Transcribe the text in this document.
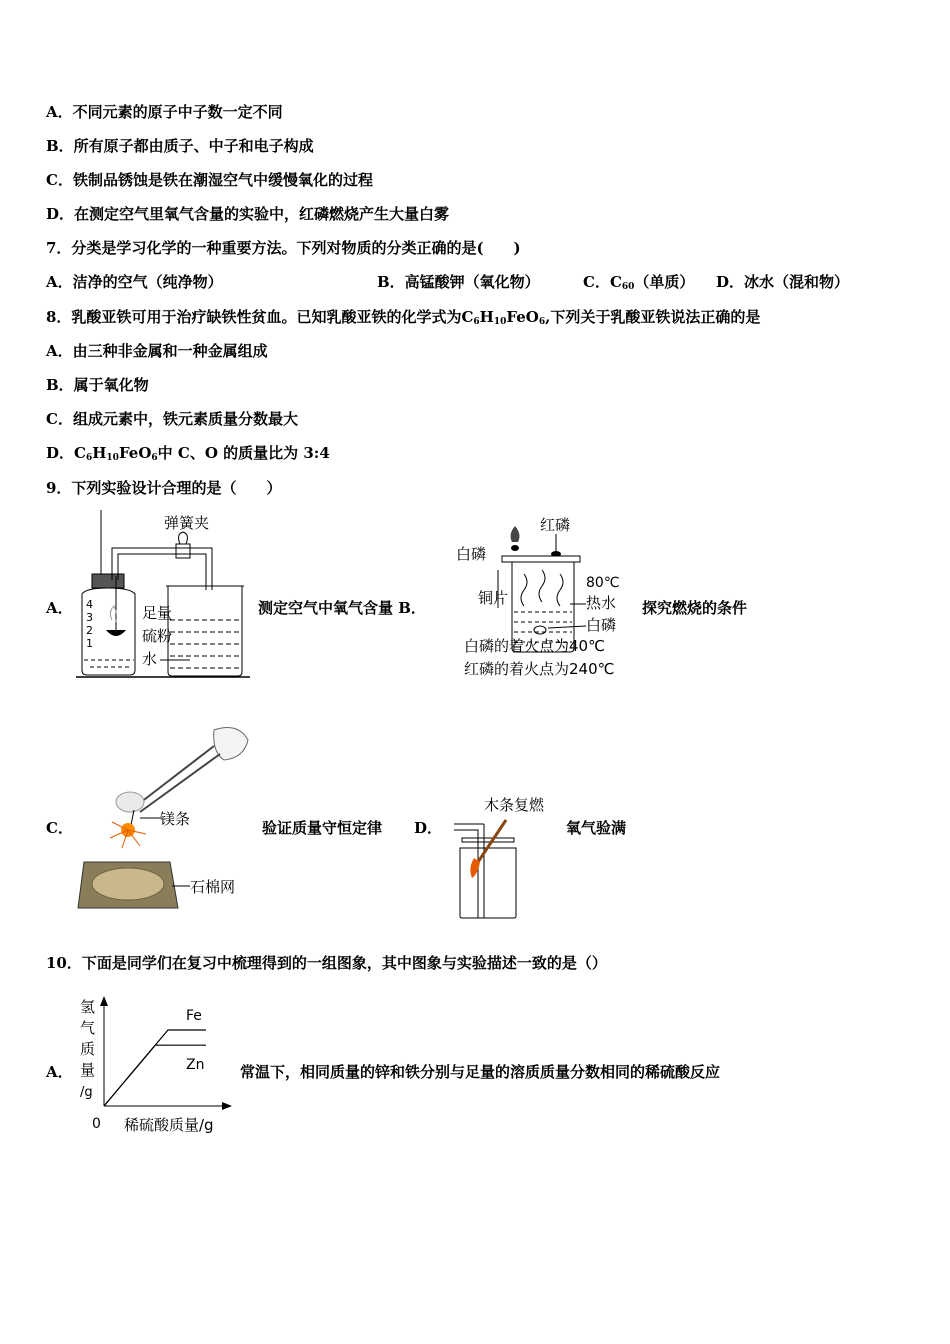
A．不同元素的原子中子数一定不同
B．所有原子都由质子、中子和电子构成
C．铁制品锈蚀是铁在潮湿空气中缓慢氧化的过程
D．在测定空气里氧气含量的实验中，红磷燃烧产生大量白雾
7．分类是学习化学的一种重要方法。下列对物质的分类正确的是(　　)
A．洁净的空气（纯净物）	B．高锰酸钾（氧化物）	C．$C_{60}$（单质） D．冰水（混和物）
8．乳酸亚铁可用于治疗缺铁性贫血。已知乳酸亚铁的化学式为$C_6H_{10}FeO_6$,下列关于乳酸亚铁说法正确的是
A．由三种非金属和一种金属组成
B．属于氧化物
C．组成元素中，铁元素质量分数最大
D．$C_6H_{10}FeO_6$中 C、O 的质量比为 3:4
9．下列实验设计合理的是（　　）
A． 4
3
2
1
弹簧夹
足量
硫粉
水
测定空气中氧气含量 B．
红磷
白磷
铜片
80℃
热水
白磷
白磷的着火点为40℃
红磷的着火点为240℃
探究燃烧的条件
C．	镁条
石棉网
验证质量守恒定律 D．
木条复燃
氧气验满
10．下面是同学们在复习中梳理得到的一组图象，其中图象与实验描述一致的是（）
A．
氢
气
质
量
/g
0 稀硫酸质量/g
Fe
Zn 常温下，相同质量的锌和铁分别与足量的溶质质量分数相同的稀硫酸反应
